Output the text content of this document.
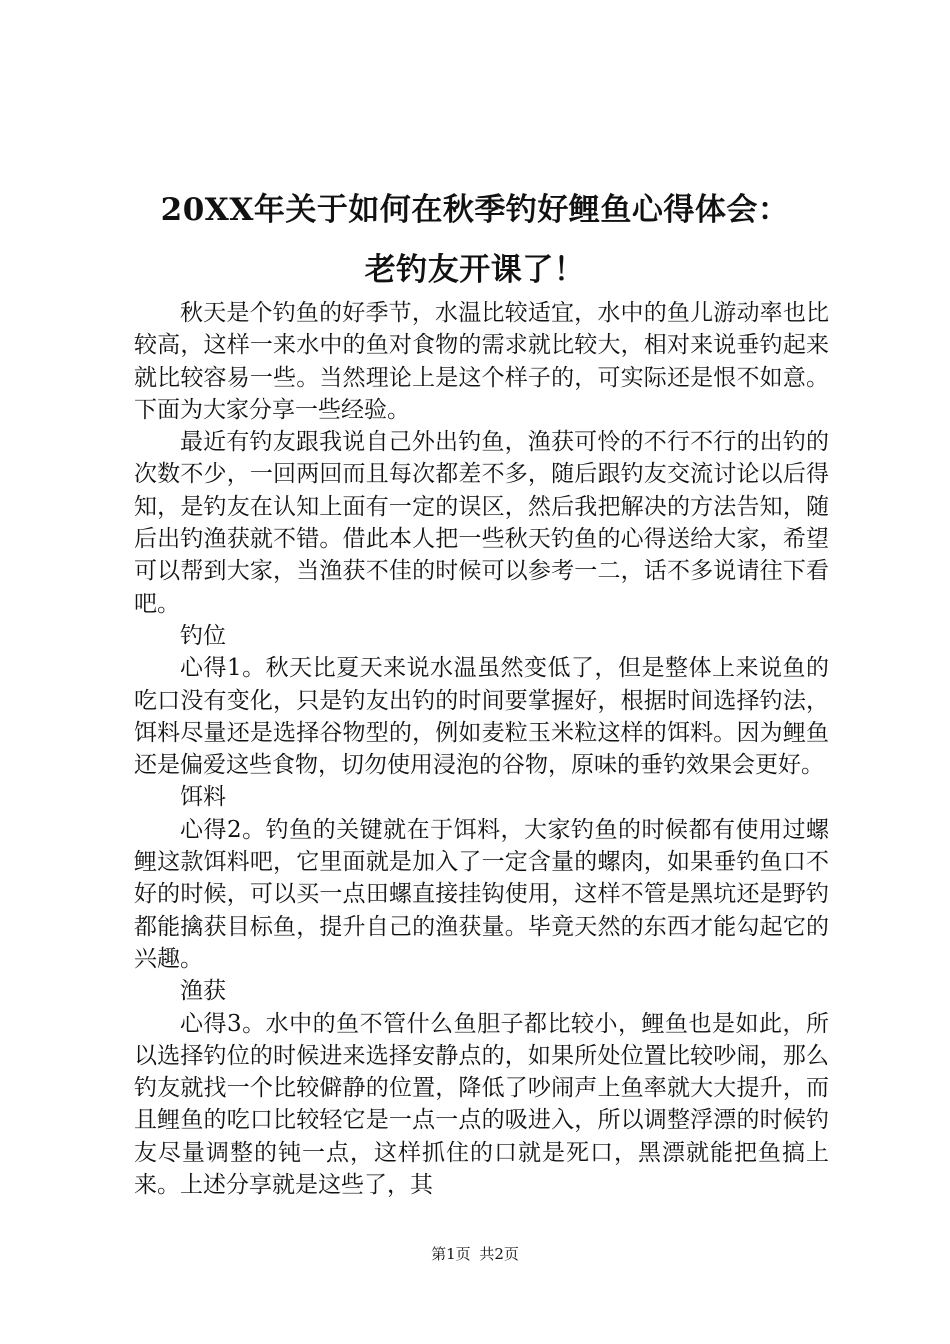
20XX年关于如何在秋季钓好鲤鱼心得体会：
老钓友开课了！

秋天是个钓鱼的好季节，水温比较适宜，水中的鱼儿游动率也比较高，这样一来水中的鱼对食物的需求就比较大，相对来说垂钓起来就比较容易一些。当然理论上是这个样子的，可实际还是恨不如意。下面为大家分享一些经验。

最近有钓友跟我说自己外出钓鱼，渔获可怜的不行不行的出钓的次数不少，一回两回而且每次都差不多，随后跟钓友交流讨论以后得知，是钓友在认知上面有一定的误区，然后我把解决的方法告知，随后出钓渔获就不错。借此本人把一些秋天钓鱼的心得送给大家，希望可以帮到大家，当渔获不佳的时候可以参考一二，话不多说请往下看吧。

钓位

心得1。秋天比夏天来说水温虽然变低了，但是整体上来说鱼的吃口没有变化，只是钓友出钓的时间要掌握好，根据时间选择钓法，饵料尽量还是选择谷物型的，例如麦粒玉米粒这样的饵料。因为鲤鱼还是偏爱这些食物，切勿使用浸泡的谷物，原味的垂钓效果会更好。

饵料

心得2。钓鱼的关键就在于饵料，大家钓鱼的时候都有使用过螺鲤这款饵料吧，它里面就是加入了一定含量的螺肉，如果垂钓鱼口不好的时候，可以买一点田螺直接挂钩使用，这样不管是黑坑还是野钓都能擒获目标鱼，提升自己的渔获量。毕竟天然的东西才能勾起它的兴趣。

渔获

心得3。水中的鱼不管什么鱼胆子都比较小，鲤鱼也是如此，所以选择钓位的时候进来选择安静点的，如果所处位置比较吵闹，那么钓友就找一个比较僻静的位置，降低了吵闹声上鱼率就大大提升，而且鲤鱼的吃口比较轻它是一点一点的吸进入，所以调整浮漂的时候钓友尽量调整的钝一点，这样抓住的口就是死口，黑漂就能把鱼搞上来。上述分享就是这些了，其

第1页 共2页
